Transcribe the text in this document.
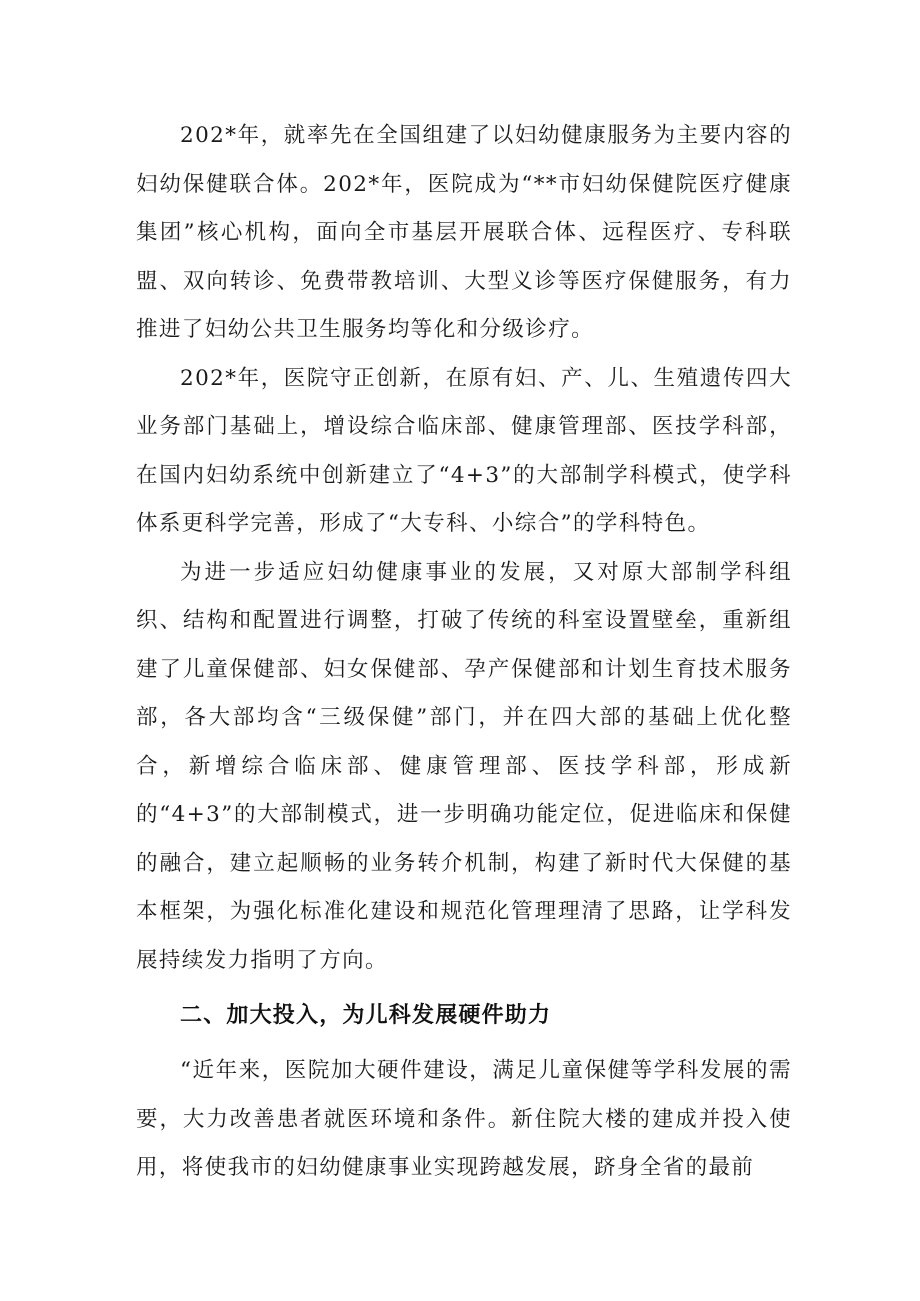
202*年，就率先在全国组建了以妇幼健康服务为主要内容的妇幼保健联合体。202*年，医院成为“**市妇幼保健院医疗健康集团”核心机构，面向全市基层开展联合体、远程医疗、专科联盟、双向转诊、免费带教培训、大型义诊等医疗保健服务，有力推进了妇幼公共卫生服务均等化和分级诊疗。

202*年，医院守正创新，在原有妇、产、儿、生殖遗传四大业务部门基础上，增设综合临床部、健康管理部、医技学科部，在国内妇幼系统中创新建立了“4+3”的大部制学科模式，使学科体系更科学完善，形成了“大专科、小综合”的学科特色。

为进一步适应妇幼健康事业的发展，又对原大部制学科组织、结构和配置进行调整，打破了传统的科室设置壁垒，重新组建了儿童保健部、妇女保健部、孕产保健部和计划生育技术服务部，各大部均含“三级保健”部门，并在四大部的基础上优化整合，新增综合临床部、健康管理部、医技学科部，形成新的“4+3”的大部制模式，进一步明确功能定位，促进临床和保健的融合，建立起顺畅的业务转介机制，构建了新时代大保健的基本框架，为强化标准化建设和规范化管理理清了思路，让学科发展持续发力指明了方向。

二、加大投入，为儿科发展硬件助力

“近年来，医院加大硬件建设，满足儿童保健等学科发展的需要，大力改善患者就医环境和条件。新住院大楼的建成并投入使用，将使我市的妇幼健康事业实现跨越发展，跻身全省的最前
